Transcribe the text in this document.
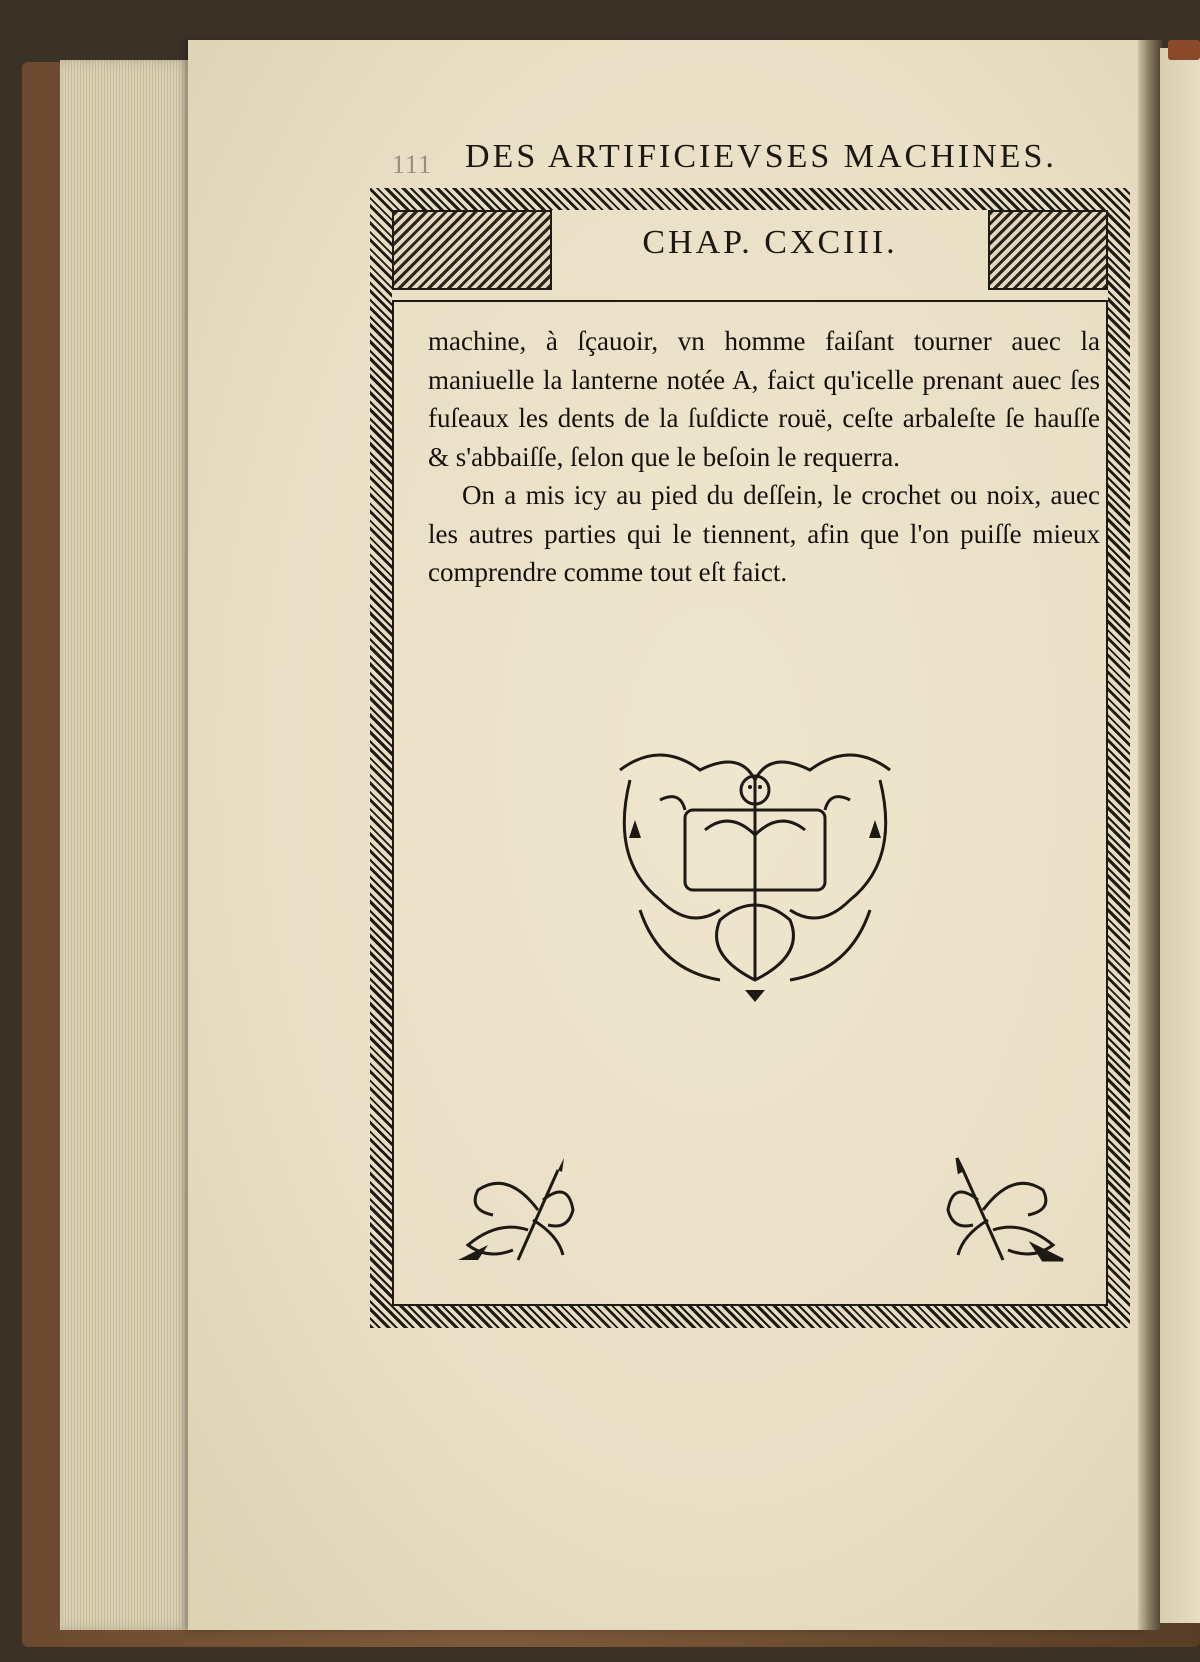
111 DES ARTIFICIEVSES MACHINES.
CHAP. CXCIII.

machine, à ſçauoir, vn homme faiſant tourner auec la maniuelle la lanterne notée A, faict qu'icelle prenant auec ſes fuſeaux les dents de la ſuſdicte rouë, ceſte arbaleſte ſe hauſſe & s'abbaiſſe, ſelon que le beſoin le requerra.

On a mis icy au pied du deſſein, le crochet ou noix, auec les autres parties qui le tiennent, afin que l'on puiſſe mieux comprendre comme tout eſt faict.
